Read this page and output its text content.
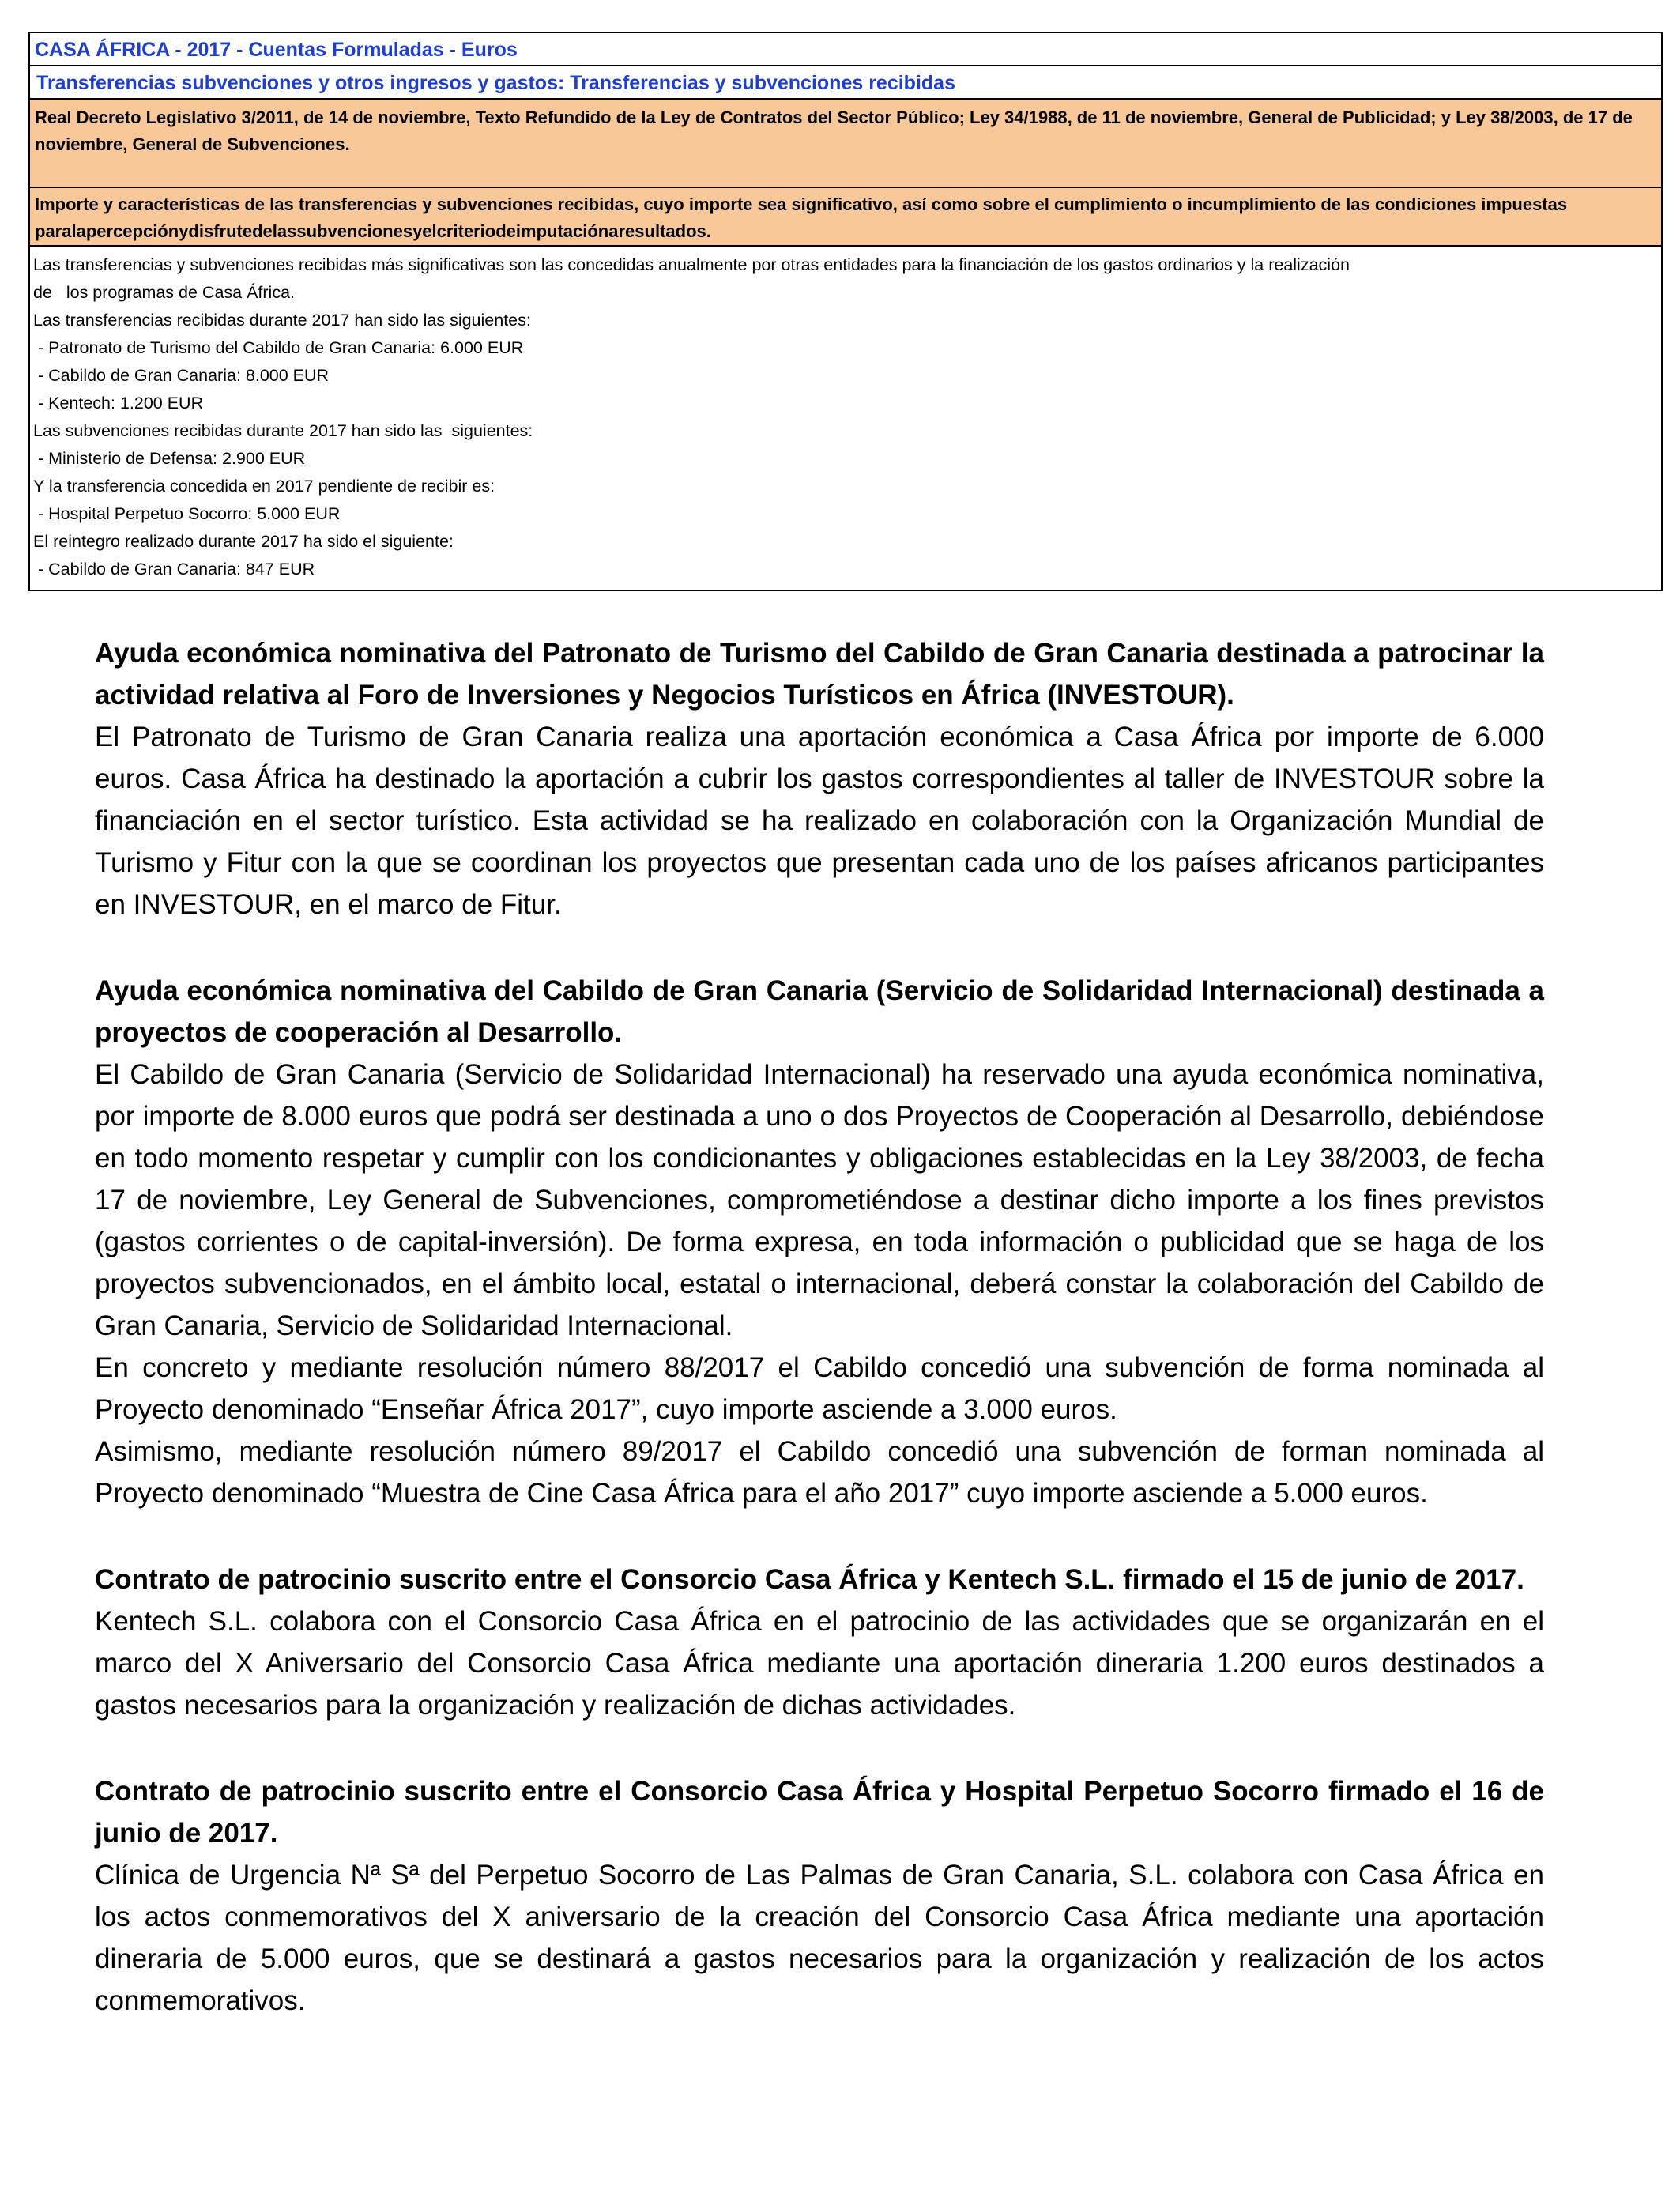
CASA ÁFRICA - 2017 - Cuentas Formuladas - Euros
Transferencias subvenciones y otros ingresos y gastos: Transferencias y subvenciones recibidas
Real Decreto Legislativo 3/2011, de 14 de noviembre, Texto Refundido de la Ley de Contratos del Sector Público; Ley 34/1988, de 11 de noviembre, General de Publicidad; y Ley 38/2003, de 17 de noviembre, General de Subvenciones.
Importe y características de las transferencias y subvenciones recibidas, cuyo importe sea significativo, así como sobre el cumplimiento o incumplimiento de las condiciones impuestas paralapercepciónydisfrutedelassubvencionesyelcriteriodeimputaciónaresultados.
Las transferencias y subvenciones recibidas más significativas son las concedidas anualmente por otras entidades para la financiación de los gastos ordinarios y la realización
de   los programas de Casa África.
Las transferencias recibidas durante 2017 han sido las siguientes:
- Patronato de Turismo del Cabildo de Gran Canaria: 6.000 EUR
- Cabildo de Gran Canaria: 8.000 EUR
- Kentech: 1.200 EUR
Las subvenciones recibidas durante 2017 han sido las  siguientes:
- Ministerio de Defensa: 2.900 EUR
Y la transferencia concedida en 2017 pendiente de recibir es:
- Hospital Perpetuo Socorro: 5.000 EUR
El reintegro realizado durante 2017 ha sido el siguiente:
- Cabildo de Gran Canaria: 847 EUR

Ayuda económica nominativa del Patronato de Turismo del Cabildo de Gran Canaria destinada a patrocinar la actividad relativa al Foro de Inversiones y Negocios Turísticos en África (INVESTOUR).

El Patronato de Turismo de Gran Canaria realiza una aportación económica a Casa África por importe de 6.000 euros. Casa África ha destinado la aportación a cubrir los gastos correspondientes al taller de INVESTOUR sobre la financiación en el sector turístico. Esta actividad se ha realizado en colaboración con la Organización Mundial de Turismo y Fitur con la que se coordinan los proyectos que presentan cada uno de los países africanos participantes en INVESTOUR, en el marco de Fitur.

Ayuda económica nominativa del Cabildo de Gran Canaria (Servicio de Solidaridad Internacional) destinada a proyectos de cooperación al Desarrollo.

El Cabildo de Gran Canaria (Servicio de Solidaridad Internacional) ha reservado una ayuda económica nominativa, por importe de 8.000 euros que podrá ser destinada a uno o dos Proyectos de Cooperación al Desarrollo, debiéndose en todo momento respetar y cumplir con los condicionantes y obligaciones establecidas en la Ley 38/2003, de fecha 17 de noviembre, Ley General de Subvenciones, comprometiéndose a destinar dicho importe a los fines previstos (gastos corrientes o de capital-inversión). De forma expresa, en toda información o publicidad que se haga de los proyectos subvencionados, en el ámbito local, estatal o internacional, deberá constar la colaboración del Cabildo de Gran Canaria, Servicio de Solidaridad Internacional.

En concreto y mediante resolución número 88/2017 el Cabildo concedió una subvención de forma nominada al Proyecto denominado “Enseñar África 2017”, cuyo importe asciende a 3.000 euros.

Asimismo, mediante resolución número 89/2017 el Cabildo concedió una subvención de forman nominada al Proyecto denominado “Muestra de Cine Casa África para el año 2017” cuyo importe asciende a 5.000 euros.

Contrato de patrocinio suscrito entre el Consorcio Casa África y Kentech S.L. firmado el 15 de junio de 2017.

Kentech S.L. colabora con el Consorcio Casa África en el patrocinio de las actividades que se organizarán en el marco del X Aniversario del Consorcio Casa África mediante una aportación dineraria 1.200 euros destinados a gastos necesarios para la organización y realización de dichas actividades.

Contrato de patrocinio suscrito entre el Consorcio Casa África y Hospital Perpetuo Socorro firmado el 16 de junio de 2017.

Clínica de Urgencia Nª Sª del Perpetuo Socorro de Las Palmas de Gran Canaria, S.L. colabora con Casa África en los actos conmemorativos del X aniversario de la creación del Consorcio Casa África mediante una aportación dineraria de 5.000 euros, que se destinará a gastos necesarios para la organización y realización de los actos conmemorativos.
